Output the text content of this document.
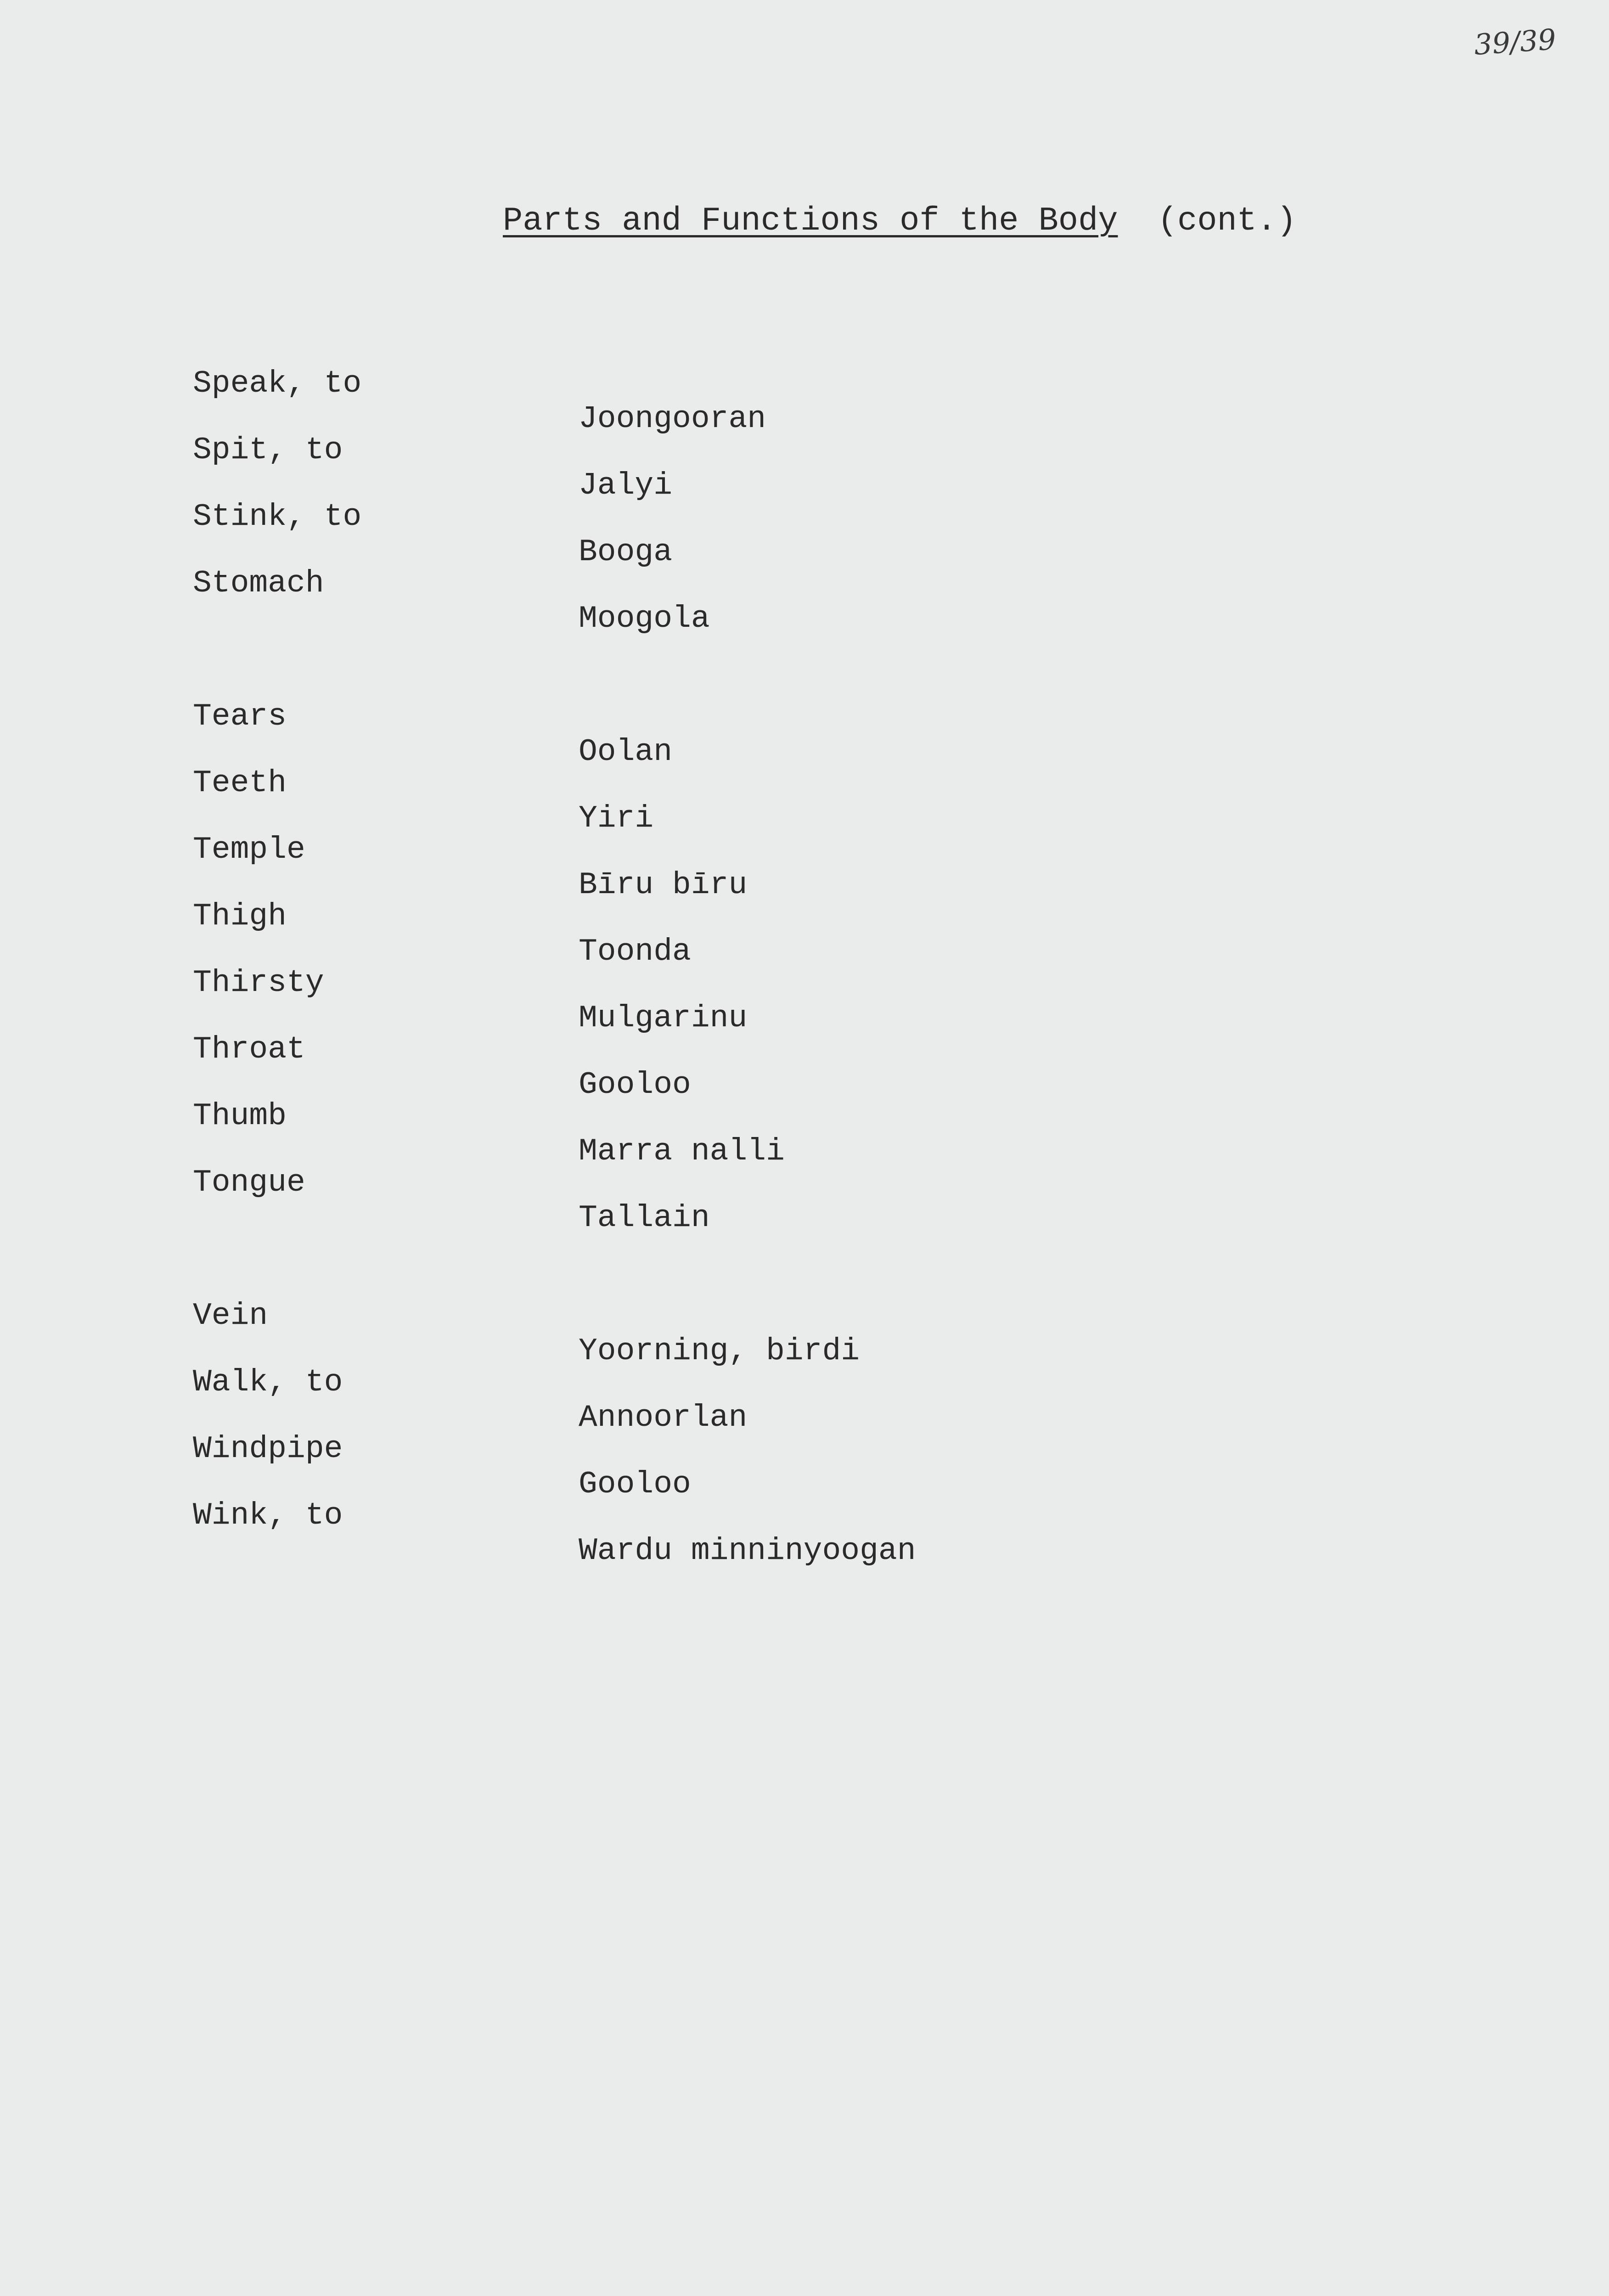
39/39
Parts and Functions of the Body (cont.)

Speak, to

Joongooran

Spit, to

Jalyi

Stink, to

Booga

Stomach

Moogola

Tears

Oolan

Teeth

Yiri

Temple

Bīru bīru

Thigh

Toonda

Thirsty

Mulgarinu

Throat

Gooloo

Thumb

Marra nalli

Tongue

Tallain

Vein

Yoorning, birdi

Walk, to

Annoorlan

Windpipe

Gooloo

Wink, to

Wardu minninyoogan
